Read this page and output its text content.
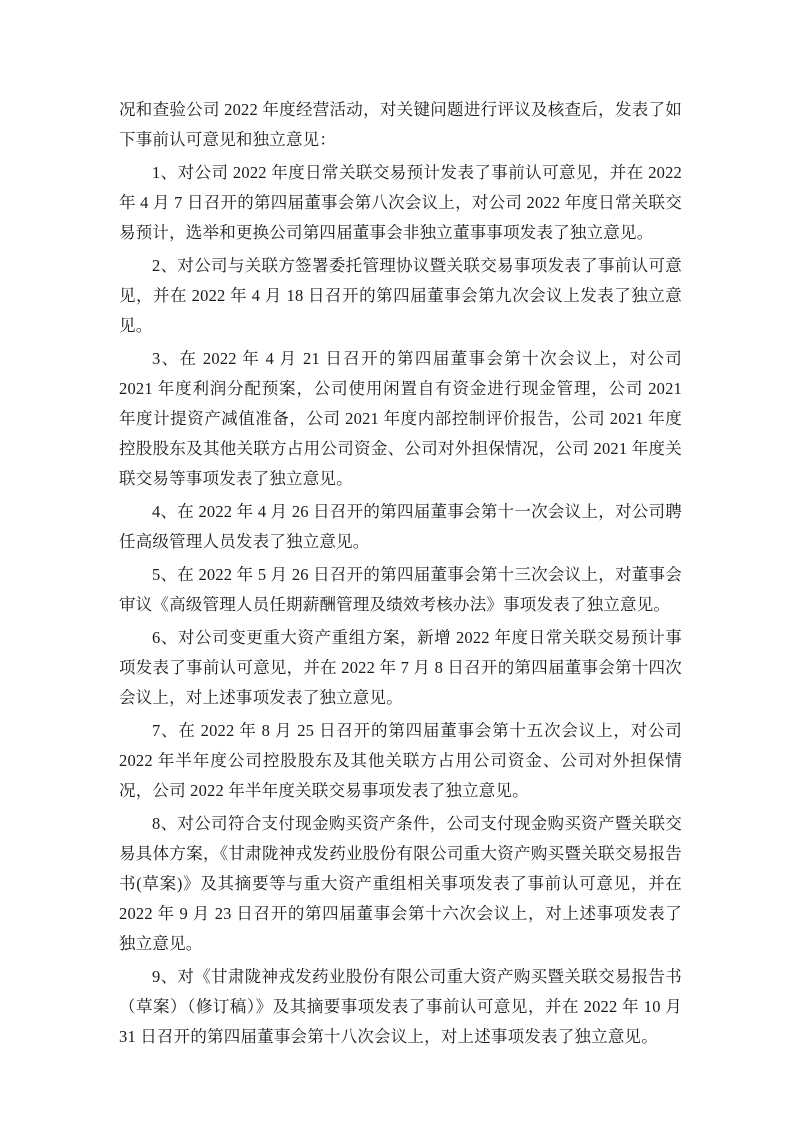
况和查验公司 2022 年度经营活动，对关键问题进行评议及核查后，发表了如下事前认可意见和独立意见：

1、对公司 2022 年度日常关联交易预计发表了事前认可意见，并在 2022 年 4 月 7 日召开的第四届董事会第八次会议上，对公司 2022 年度日常关联交易预计，选举和更换公司第四届董事会非独立董事事项发表了独立意见。

2、对公司与关联方签署委托管理协议暨关联交易事项发表了事前认可意见，并在 2022 年 4 月 18 日召开的第四届董事会第九次会议上发表了独立意见。

3、在 2022 年 4 月 21 日召开的第四届董事会第十次会议上，对公司 2021 年度利润分配预案，公司使用闲置自有资金进行现金管理，公司 2021 年度计提资产减值准备，公司 2021 年度内部控制评价报告，公司 2021 年度控股股东及其他关联方占用公司资金、公司对外担保情况，公司 2021 年度关联交易等事项发表了独立意见。

4、在 2022 年 4 月 26 日召开的第四届董事会第十一次会议上，对公司聘任高级管理人员发表了独立意见。

5、在 2022 年 5 月 26 日召开的第四届董事会第十三次会议上，对董事会审议《高级管理人员任期薪酬管理及绩效考核办法》事项发表了独立意见。

6、对公司变更重大资产重组方案，新增 2022 年度日常关联交易预计事项发表了事前认可意见，并在 2022 年 7 月 8 日召开的第四届董事会第十四次会议上，对上述事项发表了独立意见。

7、在 2022 年 8 月 25 日召开的第四届董事会第十五次会议上，对公司 2022 年半年度公司控股股东及其他关联方占用公司资金、公司对外担保情况，公司 2022 年半年度关联交易事项发表了独立意见。

8、对公司符合支付现金购买资产条件，公司支付现金购买资产暨关联交易具体方案，《甘肃陇神戎发药业股份有限公司重大资产购买暨关联交易报告书(草案)》及其摘要等与重大资产重组相关事项发表了事前认可意见，并在 2022 年 9 月 23 日召开的第四届董事会第十六次会议上，对上述事项发表了独立意见。

9、对《甘肃陇神戎发药业股份有限公司重大资产购买暨关联交易报告书（草案）（修订稿）》及其摘要事项发表了事前认可意见，并在 2022 年 10 月 31 日召开的第四届董事会第十八次会议上，对上述事项发表了独立意见。
